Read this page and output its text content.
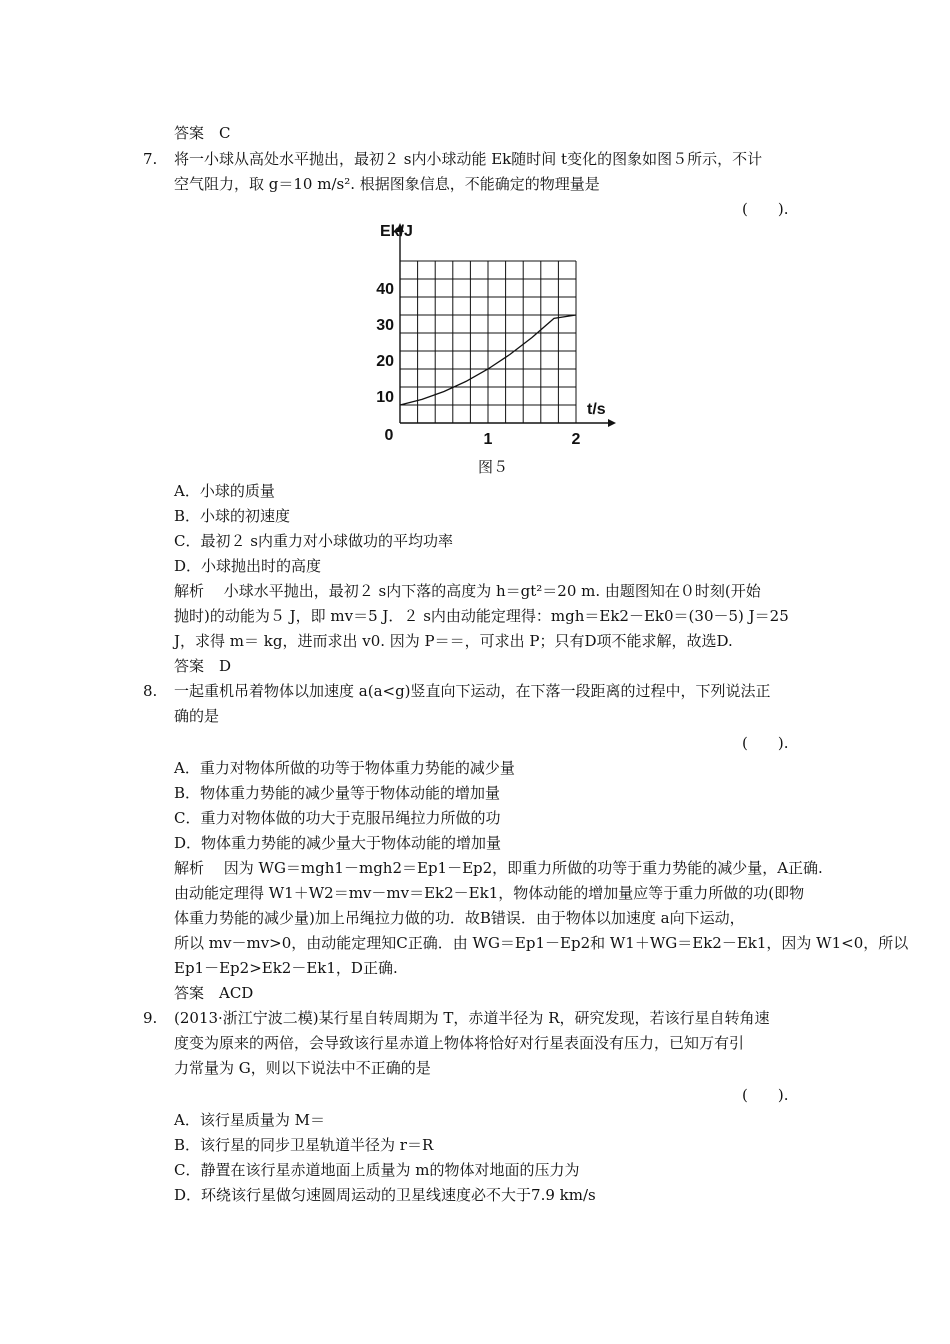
答案　C
7. 将一小球从高处水平抛出，最初２ s内小球动能 Ek随时间 t变化的图象如图５所示，不计
空气阻力，取 g＝10 m/s². 根据图象信息，不能确定的物理量是
(　　).
Ek/J
t/s
10
20
30
40
0	1	2
图５
A．小球的质量
B．小球的初速度
C．最初２ s内重力对小球做功的平均功率
D．小球抛出时的高度
解析　 小球水平抛出，最初２ s内下落的高度为 h＝gt²＝20 m. 由题图知在０时刻(开始
抛时)的动能为５ J，即 mv＝5 J．２ s内由动能定理得：mgh＝Ek2－Ek0＝(30－5) J＝25
J，求得 m＝ kg，进而求出 v0. 因为 P＝＝，可求出 P；只有D项不能求解，故选D.
答案　D
8. 一起重机吊着物体以加速度 a(a<g)竖直向下运动，在下落一段距离的过程中，下列说法正
确的是
(　　).
A．重力对物体所做的功等于物体重力势能的减少量
B．物体重力势能的减少量等于物体动能的增加量
C．重力对物体做的功大于克服吊绳拉力所做的功
D．物体重力势能的减少量大于物体动能的增加量
解析　 因为 WG＝mgh1－mgh2＝Ep1－Ep2，即重力所做的功等于重力势能的减少量，A正确.
由动能定理得 W1＋W2＝mv－mv＝Ek2－Ek1，物体动能的增加量应等于重力所做的功(即物
体重力势能的减少量)加上吊绳拉力做的功．故B错误．由于物体以加速度 a向下运动，
所以 mv－mv>0，由动能定理知C正确．由 WG＝Ep1－Ep2和 W1＋WG＝Ek2－Ek1，因为 W1<0，所以
Ep1－Ep2>Ek2－Ek1，D正确.
答案　ACD
9. (2013·浙江宁波二模)某行星自转周期为 T，赤道半径为 R，研究发现，若该行星自转角速
度变为原来的两倍，会导致该行星赤道上物体将恰好对行星表面没有压力，已知万有引
力常量为 G，则以下说法中不正确的是
(　　).
A．该行星质量为 M＝
B．该行星的同步卫星轨道半径为 r＝R
C．静置在该行星赤道地面上质量为 m的物体对地面的压力为
D．环绕该行星做匀速圆周运动的卫星线速度必不大于7.9 km/s
